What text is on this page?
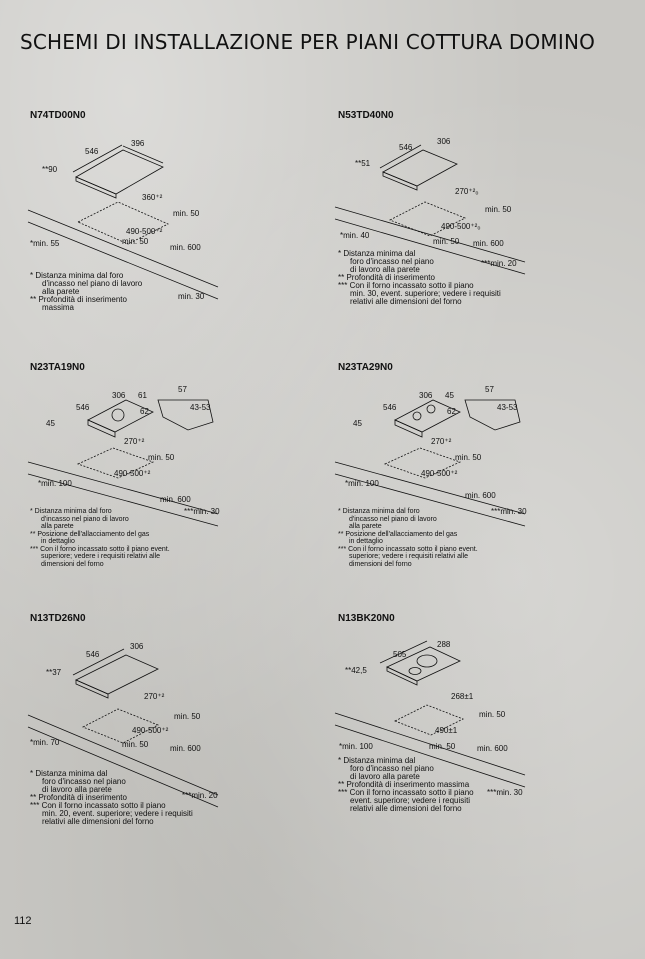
SCHEMI DI INSTALLAZIONE PER PIANI COTTURA DOMINO
N74TD00N0
396
546
**90
360⁺²
min. 50
490-500⁺²
*min. 55	min. 50
min. 600
min. 30
* Distanza minima dal foro
d'incasso nel piano di lavoro
alla parete
** Profondità di inserimento
massima
N53TD40N0
306
546
**51
270⁺²₀
min. 50
490-500⁺²₀
*min. 40
min. 50 min. 600
***min. 20
* Distanza minima dal
foro d'incasso nel piano
di lavoro alla parete
** Profondità di inserimento
*** Con il forno incassato sotto il piano
min. 30, event. superiore; vedere i requisiti
relativi alle dimensioni del forno
N23TA19N0
306 61
546
45
62
57
43-53
270⁺²
min. 50
490-500⁺²
*min. 100
min. 600
***min. 30
* Distanza minima dal foro
d'incasso nel piano di lavoro
alla parete
** Posizione dell'allacciamento del gas
in dettaglio
*** Con il forno incassato sotto il piano event.
superiore; vedere i requisiti relativi alle
dimensioni del forno
N23TA29N0
306 45
546
45
62
57
43-53
270⁺²
min. 50
490-500⁺²
*min. 100
min. 600
***min. 30
* Distanza minima dal foro
d'incasso nel piano di lavoro
alla parete
** Posizione dell'allacciamento del gas
in dettaglio
*** Con il forno incassato sotto il piano event.
superiore; vedere i requisiti relativi alle
dimensioni del forno
N13TD26N0
306
546
**37
270⁺²
min. 50
490-500⁺²
*min. 70	min. 50	min. 600
***min. 20
* Distanza minima dal
foro d'incasso nel piano
di lavoro alla parete
** Profondità di inserimento
*** Con il forno incassato sotto il piano
min. 20, event. superiore; vedere i requisiti
relativi alle dimensioni del forno
N13BK20N0
288
505
**42,5
268±1
min. 50
490±1
*min. 100	min. 50	min. 600
***min. 30
* Distanza minima dal
foro d'incasso nel piano
di lavoro alla parete
** Profondità di inserimento massima
*** Con il forno incassato sotto il piano
event. superiore; vedere i requisiti
relativi alle dimensioni del forno
112
